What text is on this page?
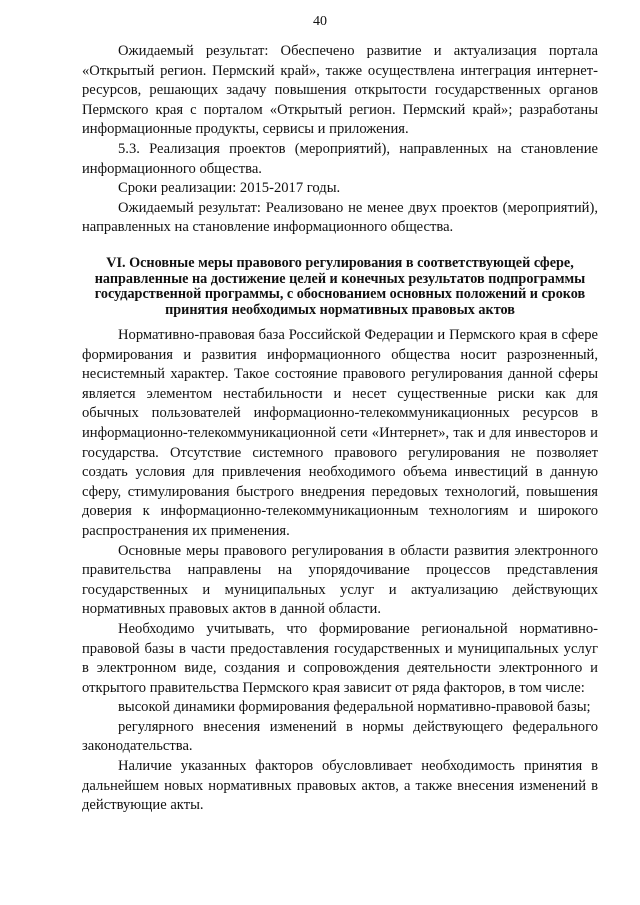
40

Ожидаемый результат: Обеспечено развитие и актуализация портала «Открытый регион. Пермский край», также осуществлена интеграция интернет-ресурсов, решающих задачу повышения открытости государственных органов Пермского края с порталом «Открытый регион. Пермский край»; разработаны информационные продукты, сервисы и приложения.

5.3. Реализация проектов (мероприятий), направленных на становление информационного общества.

Сроки реализации: 2015-2017 годы.

Ожидаемый результат: Реализовано не менее двух проектов (мероприятий), направленных на становление информационного общества.

VI. Основные меры правового регулирования в соответствующей сфере, направленные на достижение целей и конечных результатов подпрограммы государственной программы, с обоснованием основных положений и сроков принятия необходимых нормативных правовых актов

Нормативно-правовая база Российской Федерации и Пермского края в сфере формирования и развития информационного общества носит разрозненный, несистемный характер. Такое состояние правового регулирования данной сферы является элементом нестабильности и несет существенные риски как для обычных пользователей информационно-телекоммуникационных ресурсов в информационно-телекоммуникационной сети «Интернет», так и для инвесторов и государства. Отсутствие системного правового регулирования не позволяет создать условия для привлечения необходимого объема инвестиций в данную сферу, стимулирования быстрого внедрения передовых технологий, повышения доверия к информационно-телекоммуникационным технологиям и широкого распространения их применения.

Основные меры правового регулирования в области развития электронного правительства направлены на упорядочивание процессов представления государственных и муниципальных услуг и актуализацию действующих нормативных правовых актов в данной области.

Необходимо учитывать, что формирование региональной нормативно-правовой базы в части предоставления государственных и муниципальных услуг в электронном виде, создания и сопровождения деятельности электронного и открытого правительства Пермского края зависит от ряда факторов, в том числе:

высокой динамики формирования федеральной нормативно-правовой базы;

регулярного внесения изменений в нормы действующего федерального законодательства.

Наличие указанных факторов обусловливает необходимость принятия в дальнейшем новых нормативных правовых актов, а также внесения изменений в действующие акты.
